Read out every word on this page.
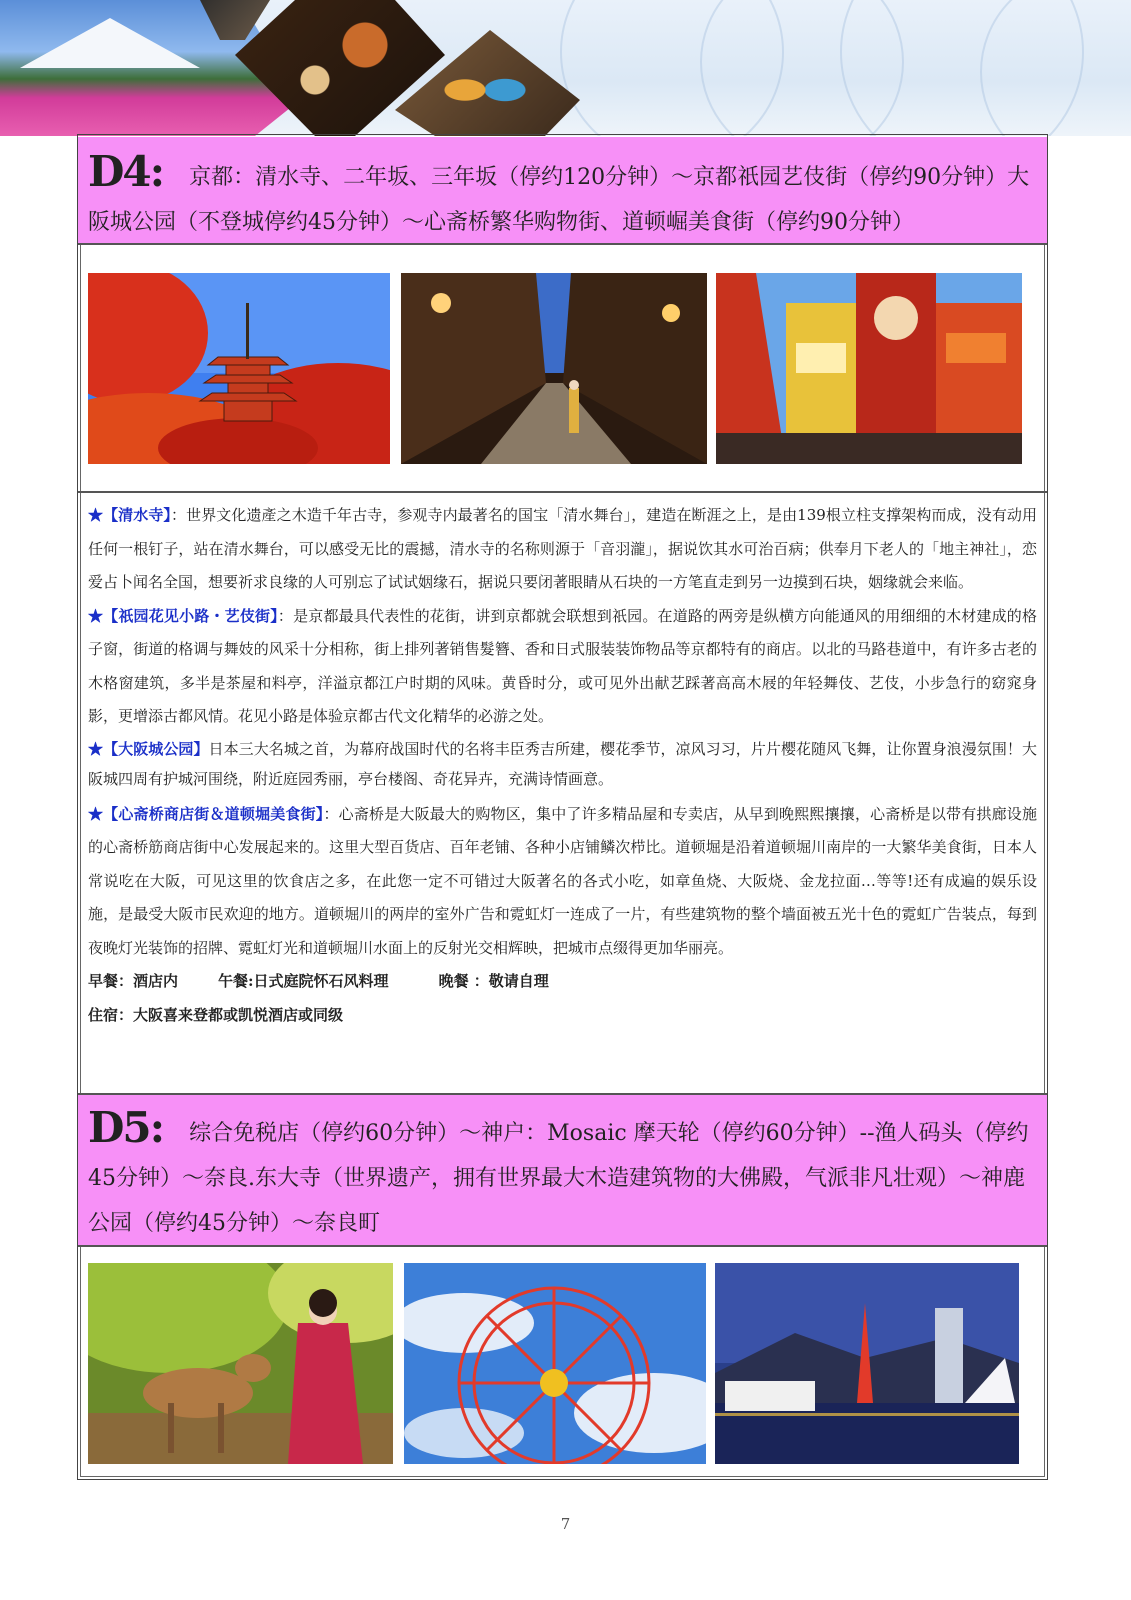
D4: 京都：清水寺、二年坂、三年坂（停约120分钟）～京都祇园艺伎街（停约90分钟）大阪城公园（不登城停约45分钟）～心斋桥繁华购物街、道顿崛美食街（停约90分钟）

★【清水寺】：世界文化遗產之木造千年古寺，参观寺内最著名的国宝「清水舞台」，建造在断涯之上，是由139根立柱支撑架构而成，没有动用任何一根钉子，站在清水舞台，可以感受无比的震撼，清水寺的名称则源于「音羽瀧」，据说饮其水可治百病；供奉月下老人的「地主神社」，恋爱占卜闻名全国，想要祈求良缘的人可别忘了试试姻缘石，据说只要闭著眼睛从石块的一方笔直走到另一边摸到石块，姻缘就会来临。

★【祇园花见小路・艺伎街】：是京都最具代表性的花街，讲到京都就会联想到祇园。在道路的两旁是纵横方向能通风的用细细的木材建成的格子窗，街道的格调与舞妓的风采十分相称，街上排列著销售髮簪、香和日式服装装饰物品等京都特有的商店。以北的马路巷道中，有许多古老的木格窗建筑，多半是茶屋和料亭，洋溢京都江户时期的风味。黄昏时分，或可见外出献艺踩著高高木屐的年轻舞伎、艺伎，小步急行的窈窕身影，更增添古都风情。花见小路是体验京都古代文化精华的必游之处。

★【大阪城公园】日本三大名城之首，为幕府战国时代的名将丰臣秀吉所建，樱花季节，凉风习习，片片樱花随风飞舞，让你置身浪漫氛围！大阪城四周有护城河围绕，附近庭园秀丽，亭台楼阁、奇花异卉，充满诗情画意。

★【心斋桥商店街＆道顿堀美食街】：心斋桥是大阪最大的购物区，集中了许多精品屋和专卖店，从早到晚熙熙攘攘，心斋桥是以带有拱廊设施的心斋桥筋商店街中心发展起来的。这里大型百货店、百年老铺、各种小店铺鳞次栉比。道顿堀是沿着道顿堀川南岸的一大繁华美食街，日本人常说吃在大阪，可见这里的饮食店之多，在此您一定不可错过大阪著名的各式小吃，如章鱼烧、大阪烧、金龙拉面…等等!还有成遍的娱乐设施，是最受大阪市民欢迎的地方。道顿堀川的两岸的室外广告和霓虹灯一连成了一片，有些建筑物的整个墙面被五光十色的霓虹广告装点，每到夜晚灯光装饰的招牌、霓虹灯光和道顿堀川水面上的反射光交相辉映，把城市点缀得更加华丽亮。

早餐：酒店内	午餐:日式庭院怀石风料理	晚餐 ：敬请自理

住宿：大阪喜来登都或凯悦酒店或同级

D5: 综合免税店（停约60分钟）～神户：Mosaic 摩天轮（停约60分钟）--渔人码头（停约45分钟）～奈良.东大寺（世界遗产，拥有世界最大木造建筑物的大佛殿，气派非凡壮观）～神鹿公园（停约45分钟）～奈良町
7
